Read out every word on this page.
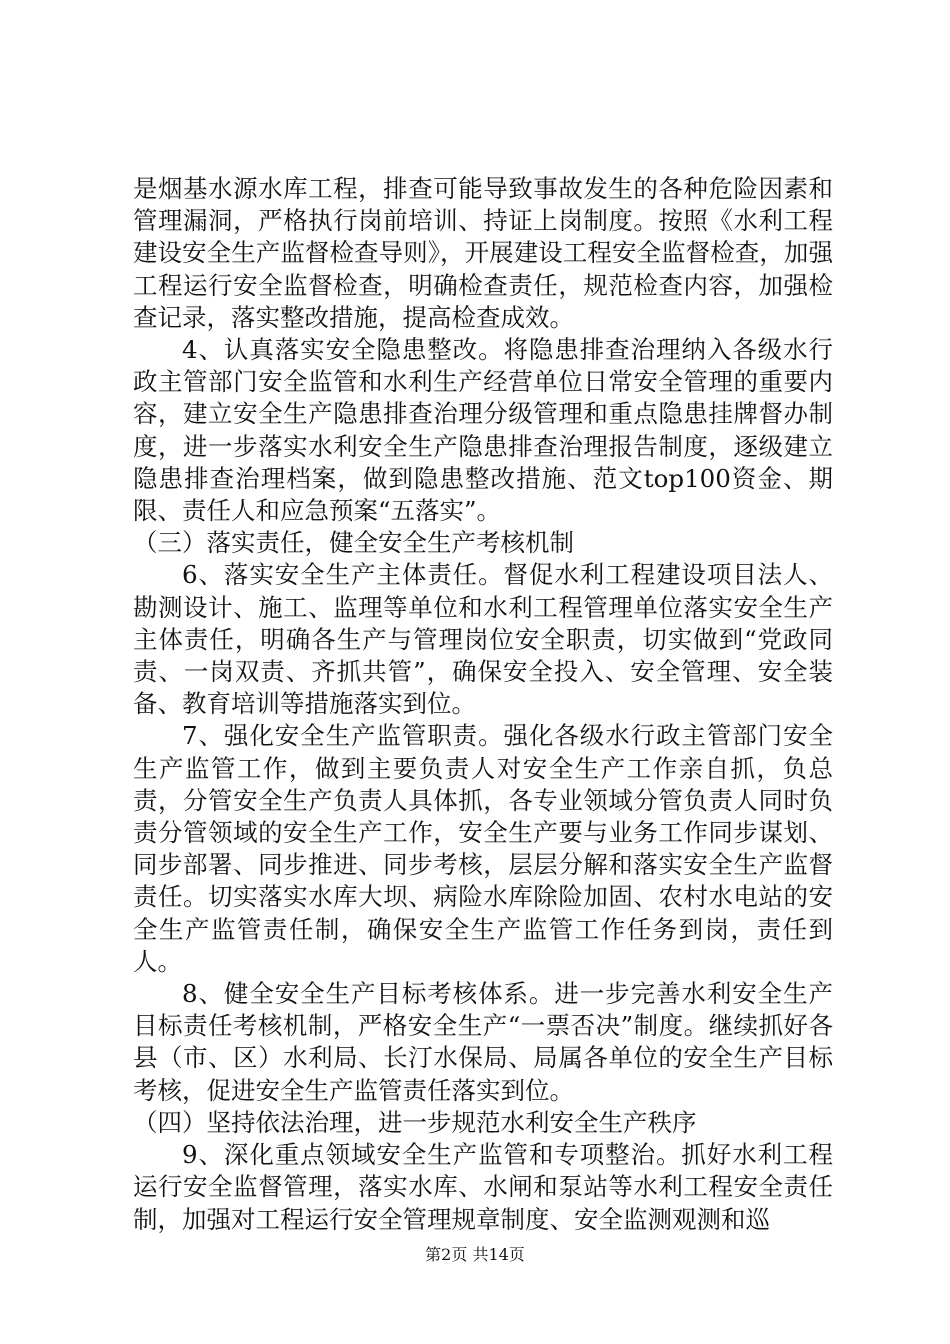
是烟基水源水库工程，排查可能导致事故发生的各种危险因素和管理漏洞，严格执行岗前培训、持证上岗制度。按照《水利工程建设安全生产监督检查导则》，开展建设工程安全监督检查，加强工程运行安全监督检查，明确检查责任，规范检查内容，加强检查记录，落实整改措施，提高检查成效。

4、认真落实安全隐患整改。将隐患排查治理纳入各级水行政主管部门安全监管和水利生产经营单位日常安全管理的重要内容，建立安全生产隐患排查治理分级管理和重点隐患挂牌督办制度，进一步落实水利安全生产隐患排查治理报告制度，逐级建立隐患排查治理档案，做到隐患整改措施、范文top100资金、期限、责任人和应急预案“五落实”。

（三）落实责任，健全安全生产考核机制

6、落实安全生产主体责任。督促水利工程建设项目法人、勘测设计、施工、监理等单位和水利工程管理单位落实安全生产主体责任，明确各生产与管理岗位安全职责，切实做到“党政同责、一岗双责、齐抓共管”，确保安全投入、安全管理、安全装备、教育培训等措施落实到位。

7、强化安全生产监管职责。强化各级水行政主管部门安全生产监管工作，做到主要负责人对安全生产工作亲自抓，负总责，分管安全生产负责人具体抓，各专业领域分管负责人同时负责分管领域的安全生产工作，安全生产要与业务工作同步谋划、同步部署、同步推进、同步考核，层层分解和落实安全生产监督责任。切实落实水库大坝、病险水库除险加固、农村水电站的安全生产监管责任制，确保安全生产监管工作任务到岗，责任到人。

8、健全安全生产目标考核体系。进一步完善水利安全生产目标责任考核机制，严格安全生产“一票否决”制度。继续抓好各县（市、区）水利局、长汀水保局、局属各单位的安全生产目标考核，促进安全生产监管责任落实到位。

（四）坚持依法治理，进一步规范水利安全生产秩序

9、深化重点领域安全生产监管和专项整治。抓好水利工程运行安全监督管理，落实水库、水闸和泵站等水利工程安全责任制，加强对工程运行安全管理规章制度、安全监测观测和巡

第2页 共14页
